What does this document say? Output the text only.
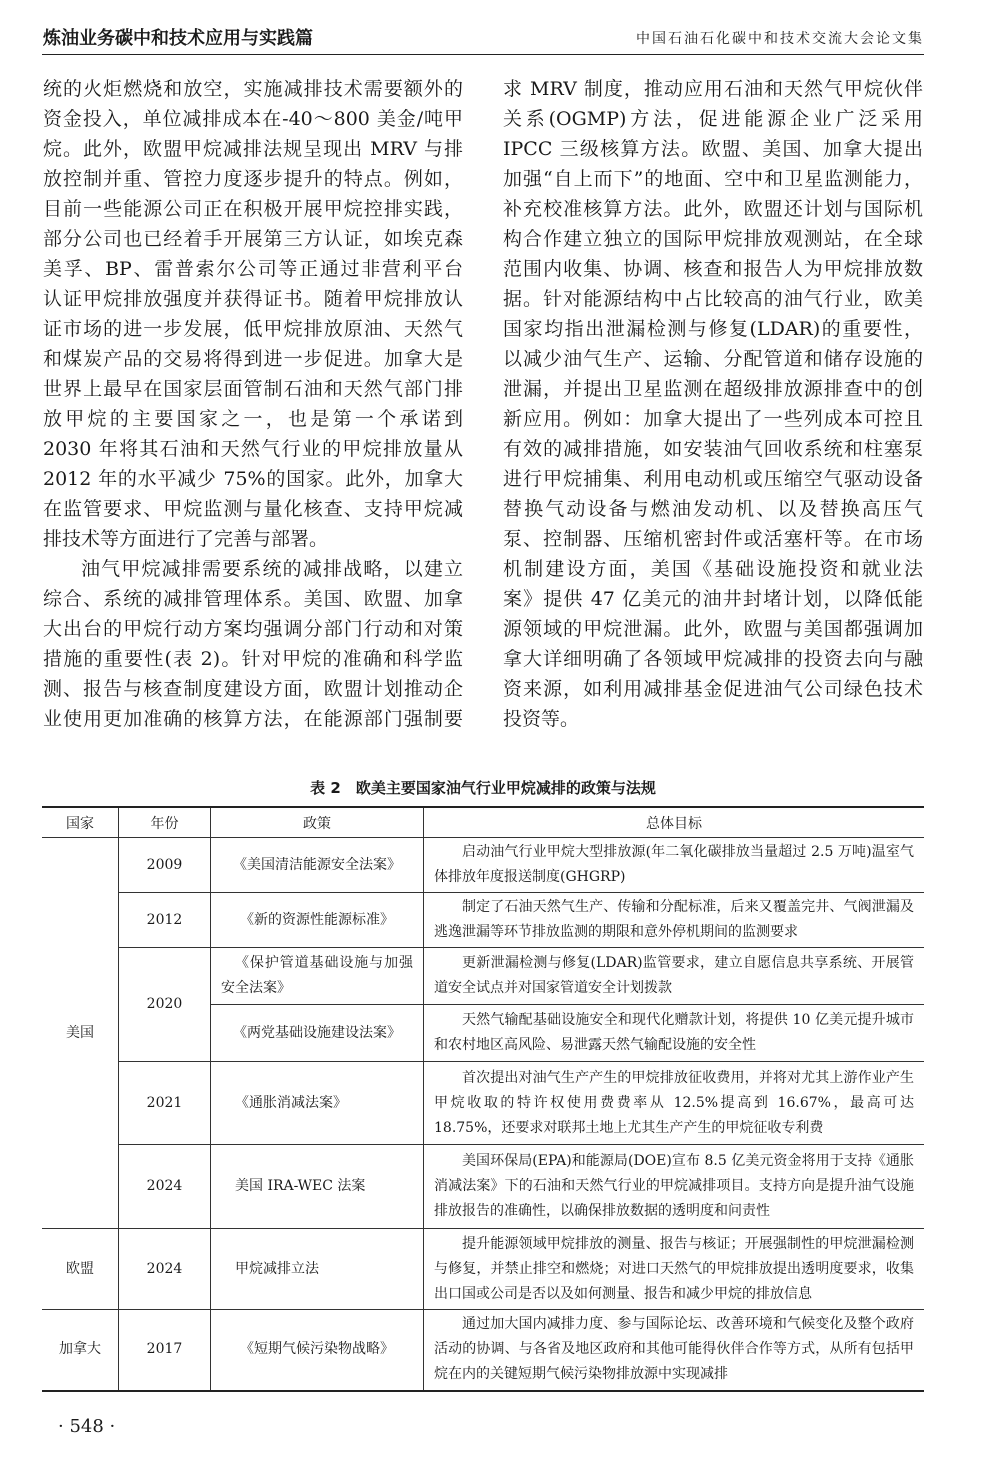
炼油业务碳中和技术应用与实践篇	中国石油石化碳中和技术交流大会论文集
统的火炬燃烧和放空，实施减排技术需要额外的
资金投入，单位减排成本在-40～800 美金/吨甲
烷。此外，欧盟甲烷减排法规呈现出 MRV 与排
放控制并重、管控力度逐步提升的特点。例如，
目前一些能源公司正在积极开展甲烷控排实践，
部分公司也已经着手开展第三方认证，如埃克森
美孚、BP、雷普索尔公司等正通过非营利平台
认证甲烷排放强度并获得证书。随着甲烷排放认
证市场的进一步发展，低甲烷排放原油、天然气
和煤炭产品的交易将得到进一步促进。加拿大是
世界上最早在国家层面管制石油和天然气部门排
放甲烷的主要国家之一，也是第一个承诺到
2030 年将其石油和天然气行业的甲烷排放量从
2012 年的水平减少 75%的国家。此外，加拿大
在监管要求、甲烷监测与量化核查、支持甲烷减
排技术等方面进行了完善与部署。
油气甲烷减排需要系统的减排战略，以建立
综合、系统的减排管理体系。美国、欧盟、加拿
大出台的甲烷行动方案均强调分部门行动和对策
措施的重要性(表 2)。针对甲烷的准确和科学监
测、报告与核查制度建设方面，欧盟计划推动企
业使用更加准确的核算方法，在能源部门强制要
求 MRV 制度，推动应用石油和天然气甲烷伙伴
关系(OGMP)方法，促进能源企业广泛采用
IPCC 三级核算方法。欧盟、美国、加拿大提出
加强“自上而下”的地面、空中和卫星监测能力，
补充校准核算方法。此外，欧盟还计划与国际机
构合作建立独立的国际甲烷排放观测站，在全球
范围内收集、协调、核查和报告人为甲烷排放数
据。针对能源结构中占比较高的油气行业，欧美
国家均指出泄漏检测与修复(LDAR)的重要性，
以减少油气生产、运输、分配管道和储存设施的
泄漏，并提出卫星监测在超级排放源排查中的创
新应用。例如：加拿大提出了一些列成本可控且
有效的减排措施，如安装油气回收系统和柱塞泵
进行甲烷捕集、利用电动机或压缩空气驱动设备
替换气动设备与燃油发动机、以及替换高压气
泵、控制器、压缩机密封件或活塞杆等。在市场
机制建设方面，美国《基础设施投资和就业法
案》提供 47 亿美元的油井封堵计划，以降低能
源领域的甲烷泄漏。此外，欧盟与美国都强调加
拿大详细明确了各领域甲烷减排的投资去向与融
资来源，如利用减排基金促进油气公司绿色技术
投资等。
表 2　欧美主要国家油气行业甲烷减排的政策与法规
国家	年份	政策	总体目标
美国	2009	《美国清洁能源安全法案》	启动油气行业甲烷大型排放源(年二氧化碳排放当量超过 2.5 万吨)温室气体排放年度报送制度(GHGRP)
	2012	《新的资源性能源标准》	制定了石油天然气生产、传输和分配标准，后来又覆盖完井、气阀泄漏及逃逸泄漏等环节排放监测的期限和意外停机期间的监测要求
	2020	《保护管道基础设施与加强安全法案》	更新泄漏检测与修复(LDAR)监管要求，建立自愿信息共享系统、开展管道安全试点并对国家管道安全计划拨款
		《两党基础设施建设法案》	天然气输配基础设施安全和现代化赠款计划，将提供 10 亿美元提升城市和农村地区高风险、易泄露天然气输配设施的安全性
	2021	《通胀消减法案》	首次提出对油气生产产生的甲烷排放征收费用，并将对尤其上游作业产生甲烷收取的特许权使用费费率从 12.5%提高到 16.67%，最高可达 18.75%，还要求对联邦土地上尤其生产产生的甲烷征收专利费
	2024	美国 IRA-WEC 法案	美国环保局(EPA)和能源局(DOE)宣布 8.5 亿美元资金将用于支持《通胀消减法案》下的石油和天然气行业的甲烷减排项目。支持方向是提升油气设施排放报告的准确性，以确保排放数据的透明度和问责性
欧盟	2024	甲烷减排立法	提升能源领域甲烷排放的测量、报告与核证；开展强制性的甲烷泄漏检测与修复，并禁止排空和燃烧；对进口天然气的甲烷排放提出透明度要求，收集出口国或公司是否以及如何测量、报告和减少甲烷的排放信息
加拿大	2017	《短期气候污染物战略》	通过加大国内减排力度、参与国际论坛、改善环境和气候变化及整个政府活动的协调、与各省及地区政府和其他可能得伙伴合作等方式，从所有包括甲烷在内的关键短期气候污染物排放源中实现减排
· 548 ·
